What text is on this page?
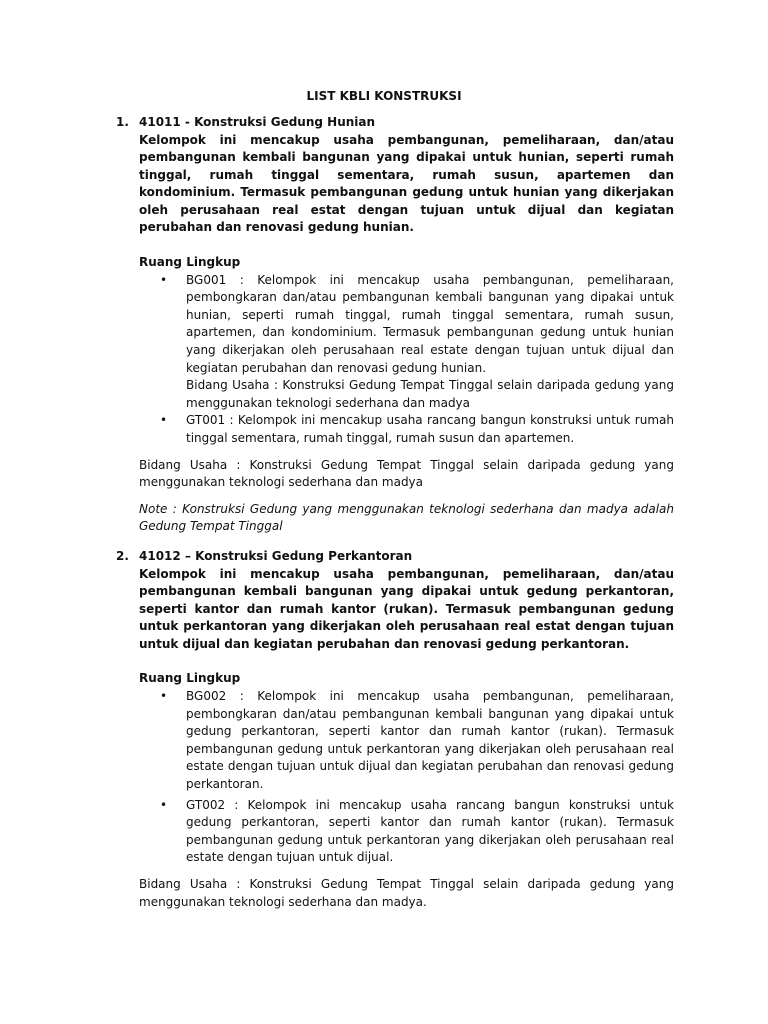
LIST KBLI KONSTRUKSI
1. 41011 - Konstruksi Gedung Hunian

Kelompok ini mencakup usaha pembangunan, pemeliharaan, dan/atau pembangunan kembali bangunan yang dipakai untuk hunian, seperti rumah tinggal, rumah tinggal sementara, rumah susun, apartemen dan kondominium. Termasuk pembangunan gedung untuk hunian yang dikerjakan oleh perusahaan real estat dengan tujuan untuk dijual dan kegiatan perubahan dan renovasi gedung hunian.

Ruang Lingkup

• BG001 : Kelompok ini mencakup usaha pembangunan, pemeliharaan, pembongkaran dan/atau pembangunan kembali bangunan yang dipakai untuk hunian, seperti rumah tinggal, rumah tinggal sementara, rumah susun, apartemen, dan kondominium. Termasuk pembangunan gedung untuk hunian yang dikerjakan oleh perusahaan real estate dengan tujuan untuk dijual dan kegiatan perubahan dan renovasi gedung hunian.

Bidang Usaha : Konstruksi Gedung Tempat Tinggal selain daripada gedung yang menggunakan teknologi sederhana dan madya

• GT001 : Kelompok ini mencakup usaha rancang bangun konstruksi untuk rumah tinggal sementara, rumah tinggal, rumah susun dan apartemen.

Bidang Usaha : Konstruksi Gedung Tempat Tinggal selain daripada gedung yang menggunakan teknologi sederhana dan madya

Note : Konstruksi Gedung yang menggunakan teknologi sederhana dan madya adalah Gedung Tempat Tinggal

2. 41012 – Konstruksi Gedung Perkantoran

Kelompok ini mencakup usaha pembangunan, pemeliharaan, dan/atau pembangunan kembali bangunan yang dipakai untuk gedung perkantoran, seperti kantor dan rumah kantor (rukan). Termasuk pembangunan gedung untuk perkantoran yang dikerjakan oleh perusahaan real estat dengan tujuan untuk dijual dan kegiatan perubahan dan renovasi gedung perkantoran.

Ruang Lingkup

• BG002 : Kelompok ini mencakup usaha pembangunan, pemeliharaan, pembongkaran dan/atau pembangunan kembali bangunan yang dipakai untuk gedung perkantoran, seperti kantor dan rumah kantor (rukan). Termasuk pembangunan gedung untuk perkantoran yang dikerjakan oleh perusahaan real estate dengan tujuan untuk dijual dan kegiatan perubahan dan renovasi gedung perkantoran.

• GT002 : Kelompok ini mencakup usaha rancang bangun konstruksi untuk gedung perkantoran, seperti kantor dan rumah kantor (rukan). Termasuk pembangunan gedung untuk perkantoran yang dikerjakan oleh perusahaan real estate dengan tujuan untuk dijual.

Bidang Usaha : Konstruksi Gedung Tempat Tinggal selain daripada gedung yang menggunakan teknologi sederhana dan madya.
